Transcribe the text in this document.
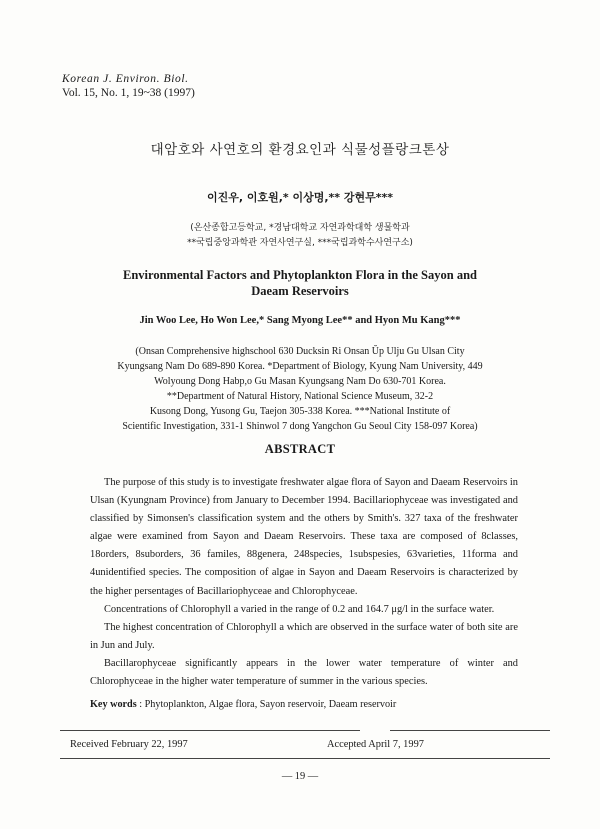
Korean J. Environ. Biol.
Vol. 15, No. 1, 19~38 (1997)
대암호와 사연호의 환경요인과 식물성플랑크톤상
이진우, 이호원,* 이상명,** 강현무***
(온산종합고등학교, *경남대학교 자연과학대학 생물학과
**국립중앙과학관 자연사연구실, ***국립과학수사연구소)
Environmental Factors and Phytoplankton Flora in the Sayon and
Daeam Reservoirs
Jin Woo Lee, Ho Won Lee,* Sang Myong Lee** and Hyon Mu Kang***
(Onsan Comprehensive highschool 630 Ducksin Ri Onsan Ŭp Ulju Gu Ulsan City
Kyungsang Nam Do 689-890 Korea. *Department of Biology, Kyung Nam University, 449
Wolyoung Dong Habp,o Gu Masan Kyungsang Nam Do 630-701 Korea.
**Department of Natural History, National Science Museum, 32-2
Kusong Dong, Yusong Gu, Taejon 305-338 Korea. ***National Institute of
Scientific Investigation, 331-1 Shinwol 7 dong Yangchon Gu Seoul City 158-097 Korea)
ABSTRACT

The purpose of this study is to investigate freshwater algae flora of Sayon and Daeam Reservoirs in Ulsan (Kyungnam Province) from January to December 1994. Bacillariophyceae was investigated and classified by Simonsen's classification system and the others by Smith's. 327 taxa of the freshwater algae were examined from Sayon and Daeam Reservoirs. These taxa are composed of 8classes, 18orders, 8suborders, 36 familes, 88genera, 248species, 1subspesies, 63varieties, 11forma and 4unidentified species. The composition of algae in Sayon and Daeam Reservoirs is characterized by the higher persentages of Bacillariophyceae and Chlorophyceae.

Concentrations of Chlorophyll a varied in the range of 0.2 and 164.7 μg/l in the surface water.

The highest concentration of Chlorophyll a which are observed in the surface water of both site are in Jun and July.

Bacillarophyceae significantly appears in the lower water temperature of winter and Chlorophyceae in the higher water temperature of summer in the various species.

Key words : Phytoplankton, Algae flora, Sayon reservoir, Daeam reservoir
Received February 22, 1997	Accepted April 7, 1997
— 19 —
